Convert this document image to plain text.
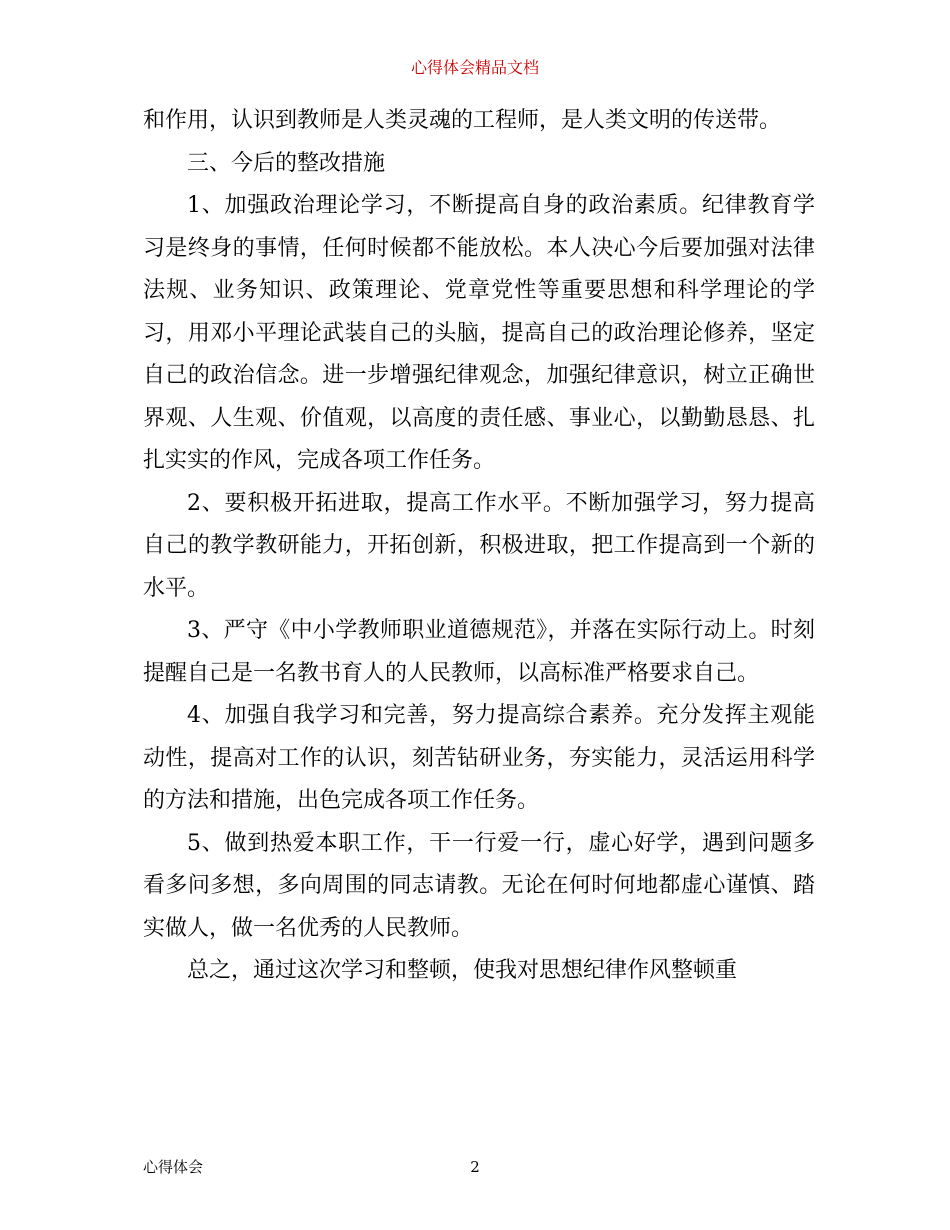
心得体会精品文档

和作用，认识到教师是人类灵魂的工程师，是人类文明的传送带。

三、今后的整改措施

1、加强政治理论学习，不断提高自身的政治素质。纪律教育学习是终身的事情，任何时候都不能放松。本人决心今后要加强对法律法规、业务知识、政策理论、党章党性等重要思想和科学理论的学习，用邓小平理论武装自己的头脑，提高自己的政治理论修养，坚定自己的政治信念。进一步增强纪律观念，加强纪律意识，树立正确世界观、人生观、价值观，以高度的责任感、事业心，以勤勤恳恳、扎扎实实的作风，完成各项工作任务。

2、要积极开拓进取，提高工作水平。不断加强学习，努力提高自己的教学教研能力，开拓创新，积极进取，把工作提高到一个新的水平。

3、严守《中小学教师职业道德规范》，并落在实际行动上。时刻提醒自己是一名教书育人的人民教师，以高标准严格要求自己。

4、加强自我学习和完善，努力提高综合素养。充分发挥主观能动性，提高对工作的认识，刻苦钻研业务，夯实能力，灵活运用科学的方法和措施，出色完成各项工作任务。

5、做到热爱本职工作，干一行爱一行，虚心好学，遇到问题多看多问多想，多向周围的同志请教。无论在何时何地都虚心谨慎、踏实做人，做一名优秀的人民教师。

总之，通过这次学习和整顿，使我对思想纪律作风整顿重

心得体会	2
